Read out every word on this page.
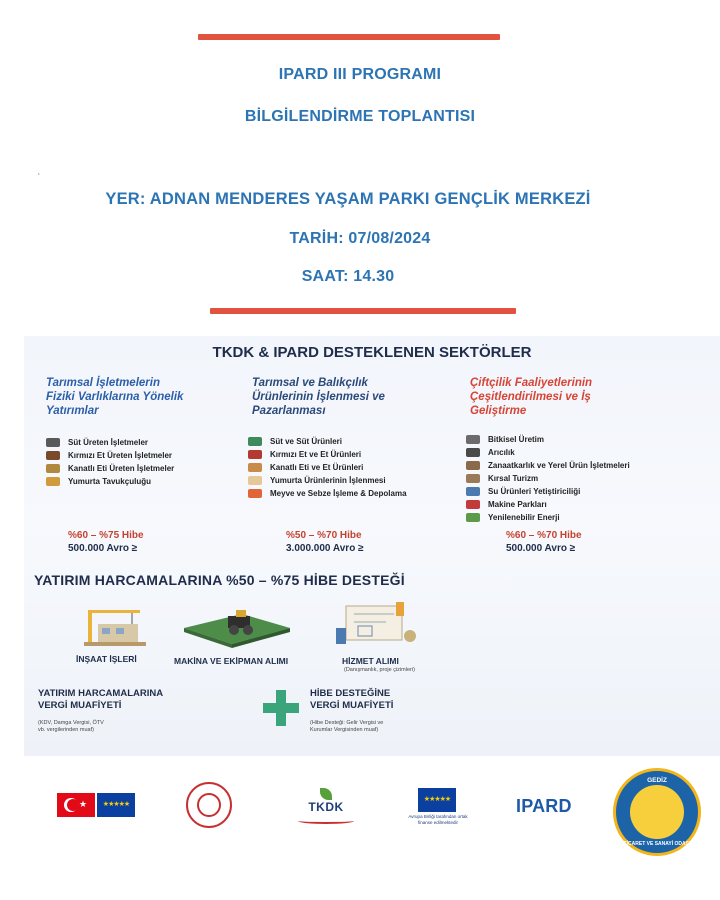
IPARD III PROGRAMI
BİLGİLENDİRME TOPLANTISI
‘
YER: ADNAN MENDERES YAŞAM PARKI GENÇLİK MERKEZİ
TARİH: 07/08/2024
SAAT: 14.30
TKDK & IPARD DESTEKLENEN SEKTÖRLER
Tarımsal İşletmelerin
Fiziki Varlıklarına Yönelik
Yatırımlar
Süt Üreten İşletmeler
Kırmızı Et Üreten İşletmeler
Kanatlı Eti Üreten İşletmeler
Yumurta Tavukçuluğu
%60 – %75 Hibe
500.000 Avro ≥
Tarımsal ve Balıkçılık
Ürünlerinin İşlenmesi ve
Pazarlanması
Süt ve Süt Ürünleri
Kırmızı Et ve Et Ürünleri
Kanatlı Eti ve Et Ürünleri
Yumurta Ürünlerinin İşlenmesi
Meyve ve Sebze İşleme & Depolama
%50 – %70 Hibe
3.000.000 Avro ≥
Çiftçilik Faaliyetlerinin
Çeşitlendirilmesi ve İş
Geliştirme
Bitkisel Üretim
Arıcılık
Zanaatkarlık ve Yerel Ürün İşletmeleri
Kırsal Turizm
Su Ürünleri Yetiştiriciliği
Makine Parkları
Yenilenebilir Enerji
%60 – %70 Hibe
500.000 Avro ≥
YATIRIM HARCAMALARINA %50 – %75 HİBE DESTEĞİ
İNŞAAT İŞLERİ	MAKİNA VE EKİPMAN ALIMI	HİZMET ALIMI
(Danışmanlık, proje çizimleri)
YATIRIM HARCAMALARINA
VERGİ MUAFİYETİ
(KDV, Damga Vergisi, ÖTV
vb. vergilerinden muaf)
HİBE DESTEĞİNE
VERGİ MUAFİYETİ
(Hibe Desteği: Gelir Vergisi ve
Kurumlar Vergisinden muaf)
★	★★★★★	TKDK
★★★★★
Avrupa Birliği tarafından ortak finanse edilmektedir
IPARD
GEDİZ
TİCARET VE SANAYİ ODASI
